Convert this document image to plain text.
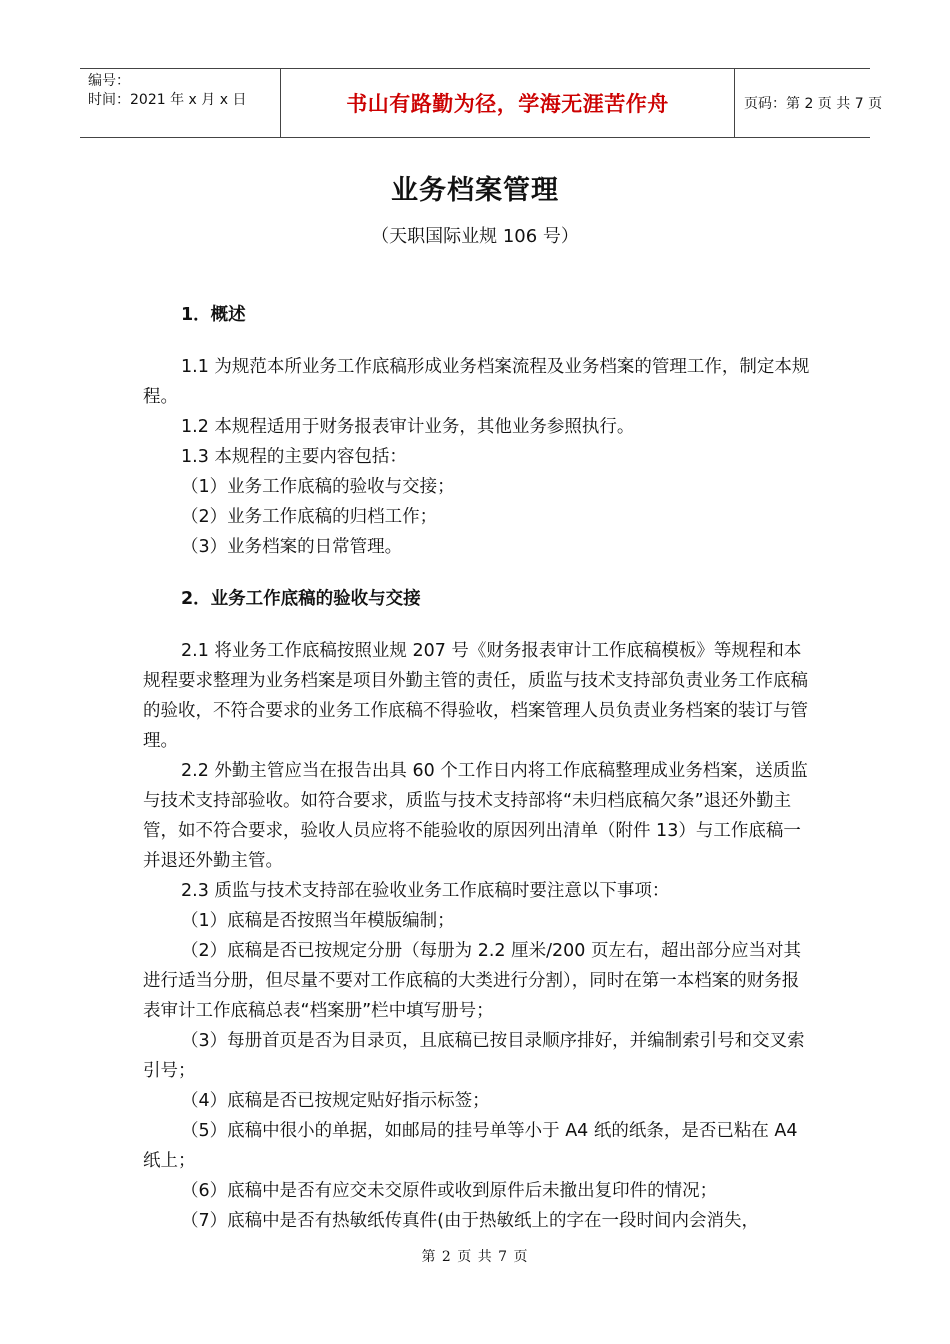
编号：
时间：2021 年 x 月 x 日	书山有路勤为径，学海无涯苦作舟	页码：第 2 页 共 7 页
业务档案管理
（天职国际业规 106 号）

1．概述

1.1 为规范本所业务工作底稿形成业务档案流程及业务档案的管理工作，制定本规程。

1.2 本规程适用于财务报表审计业务，其他业务参照执行。

1.3 本规程的主要内容包括：

（1）业务工作底稿的验收与交接；

（2）业务工作底稿的归档工作；

（3）业务档案的日常管理。

2．业务工作底稿的验收与交接

2.1 将业务工作底稿按照业规 207 号《财务报表审计工作底稿模板》等规程和本规程要求整理为业务档案是项目外勤主管的责任，质监与技术支持部负责业务工作底稿的验收，不符合要求的业务工作底稿不得验收，档案管理人员负责业务档案的装订与管理。

2.2 外勤主管应当在报告出具 60 个工作日内将工作底稿整理成业务档案，送质监与技术支持部验收。如符合要求，质监与技术支持部将“未归档底稿欠条”退还外勤主管，如不符合要求，验收人员应将不能验收的原因列出清单（附件 13）与工作底稿一并退还外勤主管。

2.3 质监与技术支持部在验收业务工作底稿时要注意以下事项：

（1）底稿是否按照当年模版编制；

（2）底稿是否已按规定分册（每册为 2.2 厘米/200 页左右，超出部分应当对其进行适当分册，但尽量不要对工作底稿的大类进行分割），同时在第一本档案的财务报表审计工作底稿总表“档案册”栏中填写册号；

（3）每册首页是否为目录页，且底稿已按目录顺序排好，并编制索引号和交叉索引号；

（4）底稿是否已按规定贴好指示标签；

（5）底稿中很小的单据，如邮局的挂号单等小于 A4 纸的纸条，是否已粘在 A4 纸上；

（6）底稿中是否有应交未交原件或收到原件后未撤出复印件的情况；

（7）底稿中是否有热敏纸传真件(由于热敏纸上的字在一段时间内会消失，

第 2 页 共 7 页
